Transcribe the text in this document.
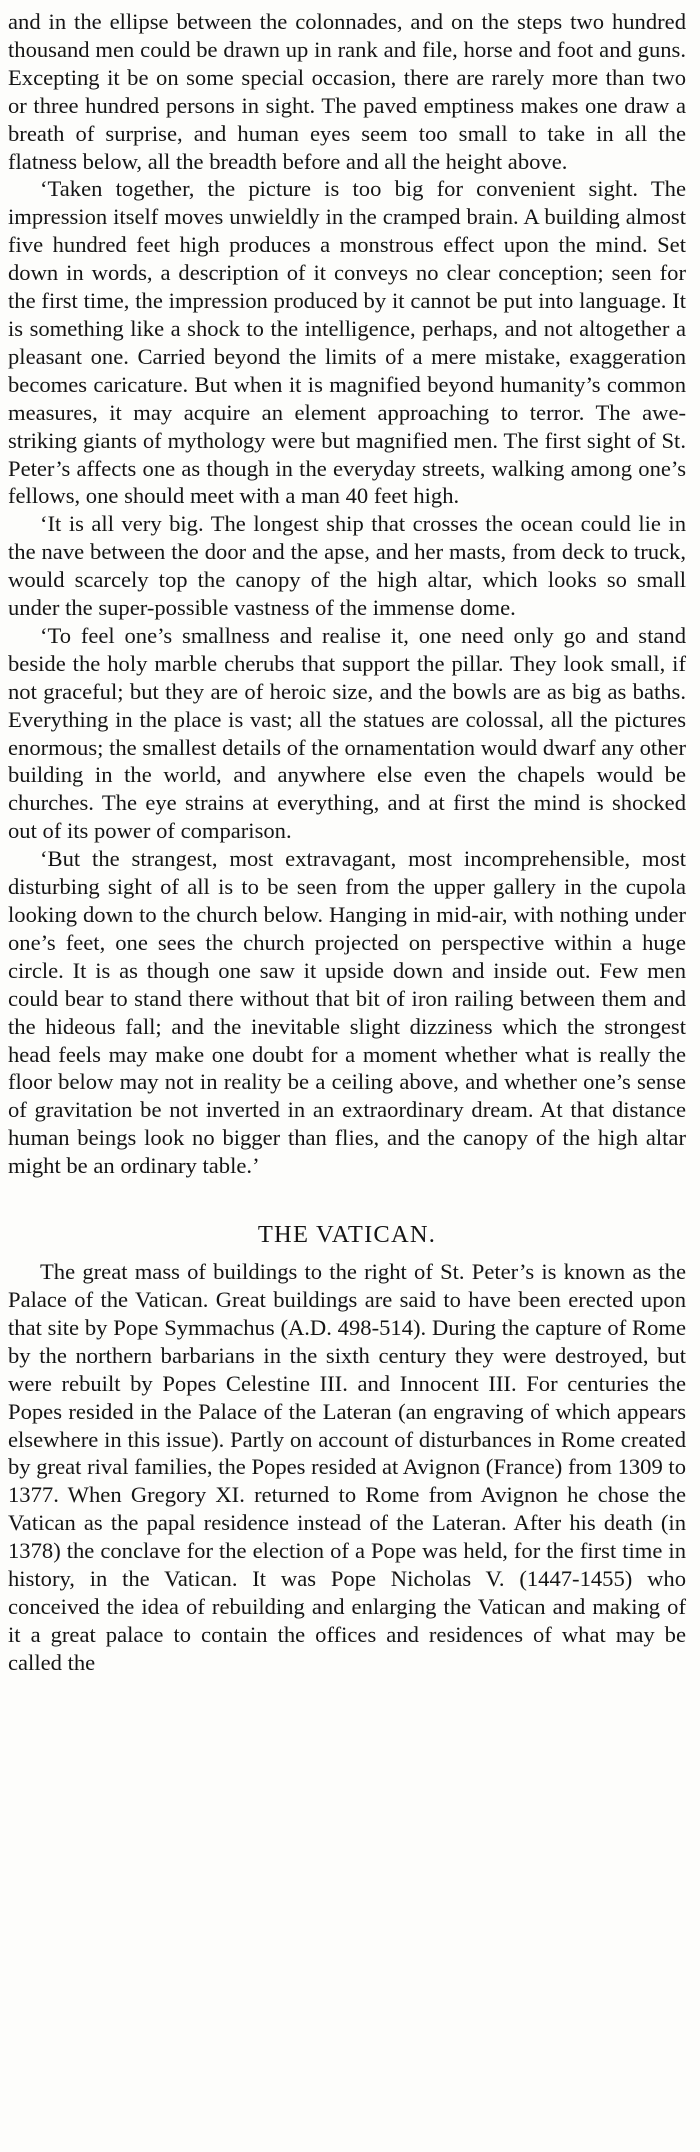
and in the ellipse between the colonnades, and on the steps two hundred thousand men could be drawn up in rank and file, horse and foot and guns. Excepting it be on some special occasion, there are rarely more than two or three hundred persons in sight. The paved emptiness makes one draw a breath of surprise, and human eyes seem too small to take in all the flatness below, all the breadth before and all the height above.

‘Taken together, the picture is too big for convenient sight. The impression itself moves unwieldly in the cramped brain. A building almost five hundred feet high produces a monstrous effect upon the mind. Set down in words, a description of it conveys no clear conception; seen for the first time, the impression produced by it cannot be put into language. It is something like a shock to the intelligence, perhaps, and not altogether a pleasant one. Carried beyond the limits of a mere mistake, exaggeration becomes caricature. But when it is magnified beyond humanity’s common measures, it may acquire an element approaching to terror. The awe-striking giants of mythology were but magnified men. The first sight of St. Peter’s affects one as though in the everyday streets, walking among one’s fellows, one should meet with a man 40 feet high.

‘It is all very big. The longest ship that crosses the ocean could lie in the nave between the door and the apse, and her masts, from deck to truck, would scarcely top the canopy of the high altar, which looks so small under the super-possible vastness of the immense dome.

‘To feel one’s smallness and realise it, one need only go and stand beside the holy marble cherubs that support the pillar. They look small, if not graceful; but they are of heroic size, and the bowls are as big as baths. Everything in the place is vast; all the statues are colossal, all the pictures enormous; the smallest details of the ornamentation would dwarf any other building in the world, and anywhere else even the chapels would be churches. The eye strains at everything, and at first the mind is shocked out of its power of comparison.

‘But the strangest, most extravagant, most incomprehensible, most disturbing sight of all is to be seen from the upper gallery in the cupola looking down to the church below. Hanging in mid-air, with nothing under one’s feet, one sees the church projected on perspective within a huge circle. It is as though one saw it upside down and inside out. Few men could bear to stand there without that bit of iron railing between them and the hideous fall; and the inevitable slight dizziness which the strongest head feels may make one doubt for a moment whether what is really the floor below may not in reality be a ceiling above, and whether one’s sense of gravitation be not inverted in an extraordinary dream. At that distance human beings look no bigger than flies, and the canopy of the high altar might be an ordinary table.’

THE VATICAN.

The great mass of buildings to the right of St. Peter’s is known as the Palace of the Vatican. Great buildings are said to have been erected upon that site by Pope Symmachus (A.D. 498-514). During the capture of Rome by the northern barbarians in the sixth century they were destroyed, but were rebuilt by Popes Celestine III. and Innocent III. For centuries the Popes resided in the Palace of the Lateran (an engraving of which appears elsewhere in this issue). Partly on account of disturbances in Rome created by great rival families, the Popes resided at Avignon (France) from 1309 to 1377. When Gregory XI. returned to Rome from Avignon he chose the Vatican as the papal residence instead of the Lateran. After his death (in 1378) the conclave for the election of a Pope was held, for the first time in history, in the Vatican. It was Pope Nicholas V. (1447-1455) who conceived the idea of rebuilding and enlarging the Vatican and making of it a great palace to contain the offices and residences of what may be called the
